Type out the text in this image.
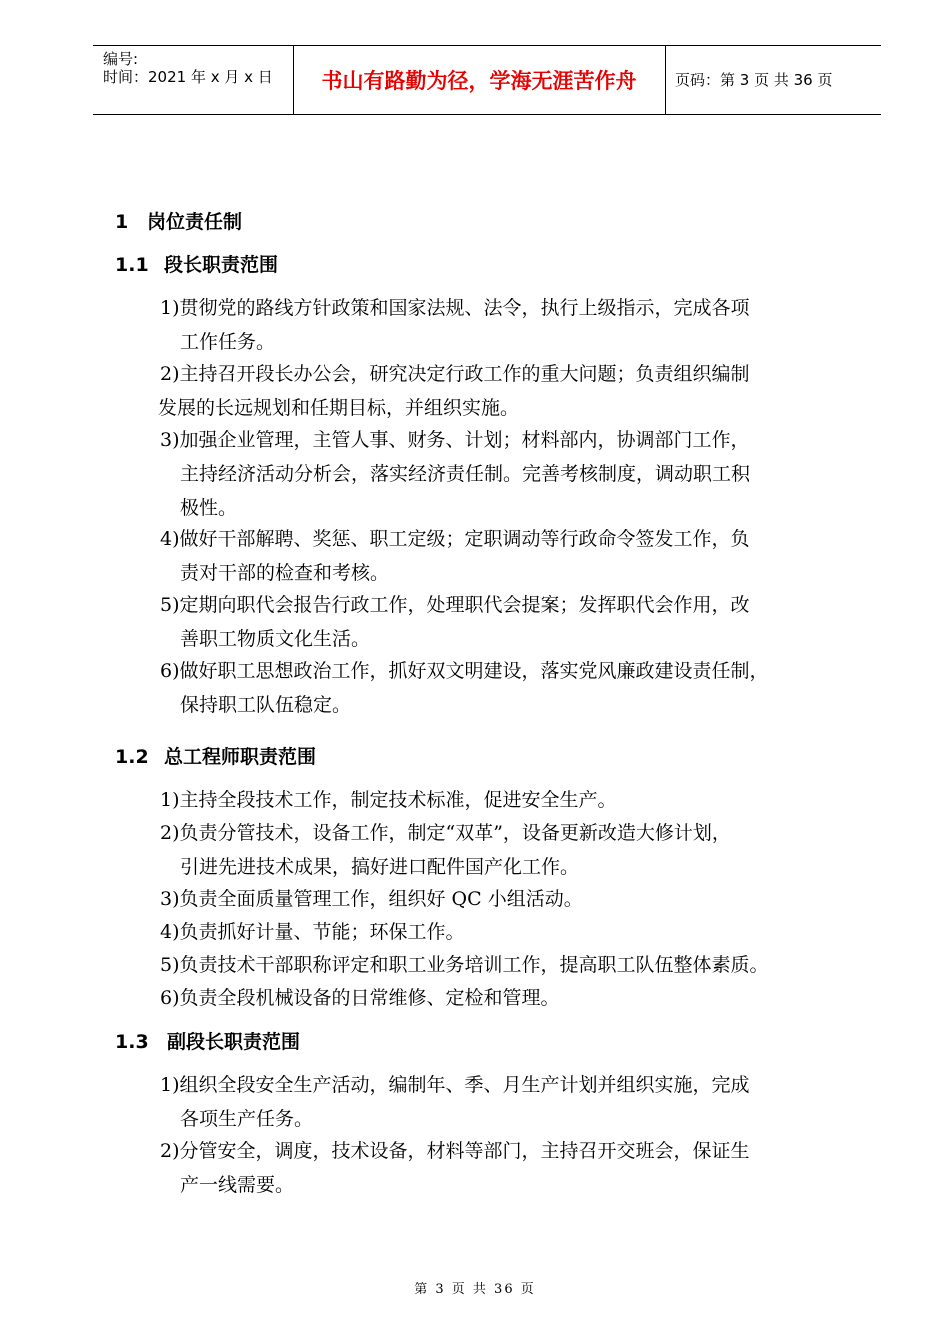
编号:
时间：2021 年 x 月 x 日	书山有路勤为径，学海无涯苦作舟	页码：第 3 页 共 36 页
1 岗位责任制
1.1 段长职责范围
1)贯彻党的路线方针政策和国家法规、法令，执行上级指示，完成各项
工作任务。
2)主持召开段长办公会，研究决定行政工作的重大问题；负责组织编制
发展的长远规划和任期目标，并组织实施。
3)加强企业管理，主管人事、财务、计划；材料部内，协调部门工作，
主持经济活动分析会，落实经济责任制。完善考核制度，调动职工积
极性。
4)做好干部解聘、奖惩、职工定级；定职调动等行政命令签发工作，负
责对干部的检查和考核。
5)定期向职代会报告行政工作，处理职代会提案；发挥职代会作用，改
善职工物质文化生活。
6)做好职工思想政治工作，抓好双文明建设，落实党风廉政建设责任制，
保持职工队伍稳定。
1.2 总工程师职责范围
1)主持全段技术工作，制定技术标准，促进安全生产。
2)负责分管技术，设备工作，制定“双革”，设备更新改造大修计划，
引进先进技术成果，搞好进口配件国产化工作。
3)负责全面质量管理工作，组织好 QC 小组活动。
4)负责抓好计量、节能；环保工作。
5)负责技术干部职称评定和职工业务培训工作，提高职工队伍整体素质。
6)负责全段机械设备的日常维修、定检和管理。
1.3 副段长职责范围
1)组织全段安全生产活动，编制年、季、月生产计划并组织实施，完成
各项生产任务。
2)分管安全，调度，技术设备，材料等部门，主持召开交班会，保证生
产一线需要。
第 3 页 共 36 页
